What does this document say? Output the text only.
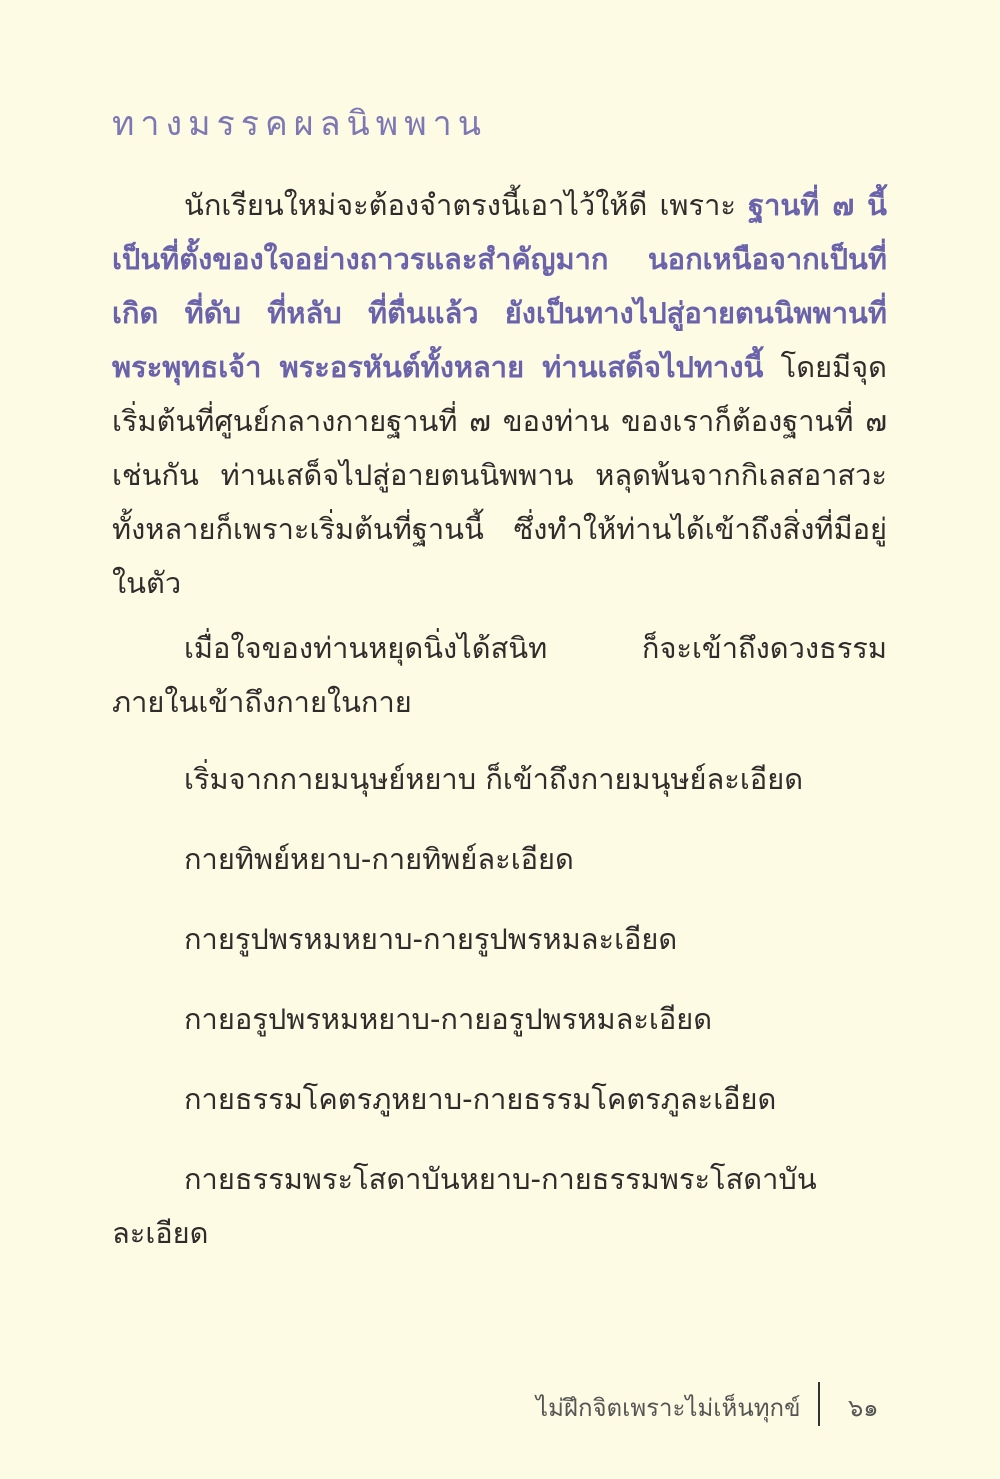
ทางมรรคผลนิพพาน
นักเรียนใหม่จะต้องจำตรงนี้เอาไว้ให้ดี เพราะ ฐานที่ ๗ นี้เป็นที่ตั้งของใจอย่างถาวรและสำคัญมาก นอกเหนือจากเป็นที่เกิด ที่ดับ ที่หลับ ที่ตื่นแล้ว ยังเป็นทางไปสู่อายตนนิพพานที่พระพุทธเจ้า พระอรหันต์ทั้งหลาย ท่านเสด็จไปทางนี้ โดยมีจุดเริ่มต้นที่ศูนย์กลางกายฐานที่ ๗ ของท่าน ของเราก็ต้องฐานที่ ๗ เช่นกัน ท่านเสด็จไปสู่อายตนนิพพาน หลุดพ้นจากกิเลสอาสวะทั้งหลายก็เพราะเริ่มต้นที่ฐานนี้ ซึ่งทำให้ท่านได้เข้าถึงสิ่งที่มีอยู่ในตัว
เมื่อใจของท่านหยุดนิ่งได้สนิท ก็จะเข้าถึงดวงธรรมภายในเข้าถึงกายในกาย
เริ่มจากกายมนุษย์หยาบ ก็เข้าถึงกายมนุษย์ละเอียด
กายทิพย์หยาบ-กายทิพย์ละเอียด
กายรูปพรหมหยาบ-กายรูปพรหมละเอียด
กายอรูปพรหมหยาบ-กายอรูปพรหมละเอียด
กายธรรมโคตรภูหยาบ-กายธรรมโคตรภูละเอียด
กายธรรมพระโสดาบันหยาบ-กายธรรมพระโสดาบันละเอียด
ไม่ฝึกจิตเพราะไม่เห็นทุกข์ ๖๑
